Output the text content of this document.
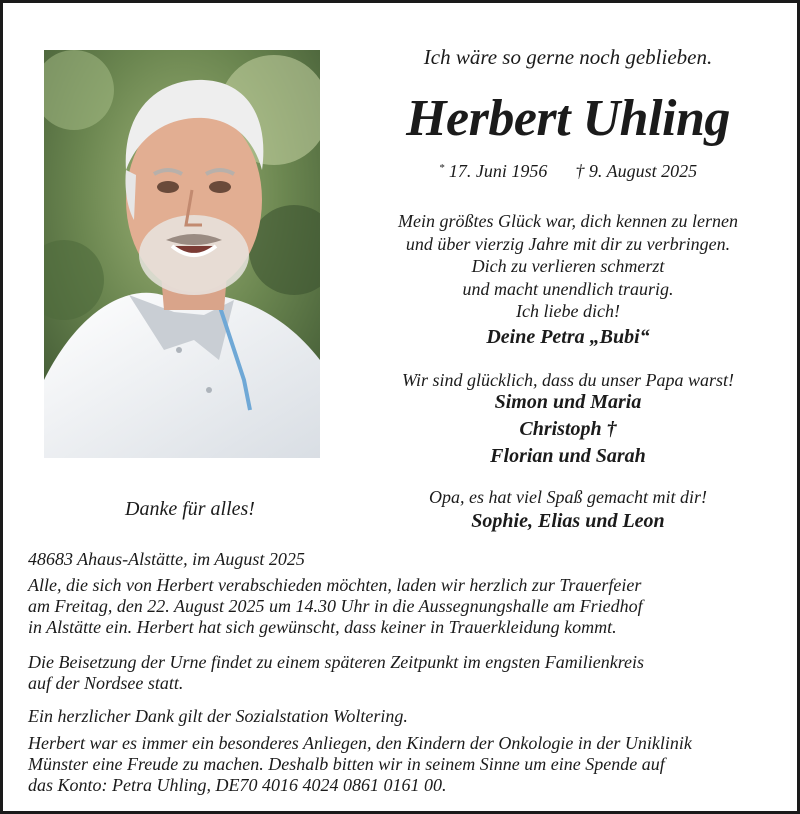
Ich wäre so gerne noch geblieben.
Herbert Uhling
* 17. Juni 1956 † 9. August 2025
Mein größtes Glück war, dich kennen zu lernen
und über vierzig Jahre mit dir zu verbringen.
Dich zu verlieren schmerzt
und macht unendlich traurig.
Ich liebe dich!
Deine Petra „Bubi“
Wir sind glücklich, dass du unser Papa warst!
Simon und Maria
Christoph †
Florian und Sarah
Opa, es hat viel Spaß gemacht mit dir!
Sophie, Elias und Leon
Danke für alles!
48683 Ahaus-Alstätte, im August 2025
Alle, die sich von Herbert verabschieden möchten, laden wir herzlich zur Trauerfeier
am Freitag, den 22. August 2025 um 14.30 Uhr in die Aussegnungshalle am Friedhof
in Alstätte ein. Herbert hat sich gewünscht, dass keiner in Trauerkleidung kommt.
Die Beisetzung der Urne findet zu einem späteren Zeitpunkt im engsten Familienkreis
auf der Nordsee statt.
Ein herzlicher Dank gilt der Sozialstation Woltering.
Herbert war es immer ein besonderes Anliegen, den Kindern der Onkologie in der Uniklinik
Münster eine Freude zu machen. Deshalb bitten wir in seinem Sinne um eine Spende auf
das Konto: Petra Uhling, DE70 4016 4024 0861 0161 00.
